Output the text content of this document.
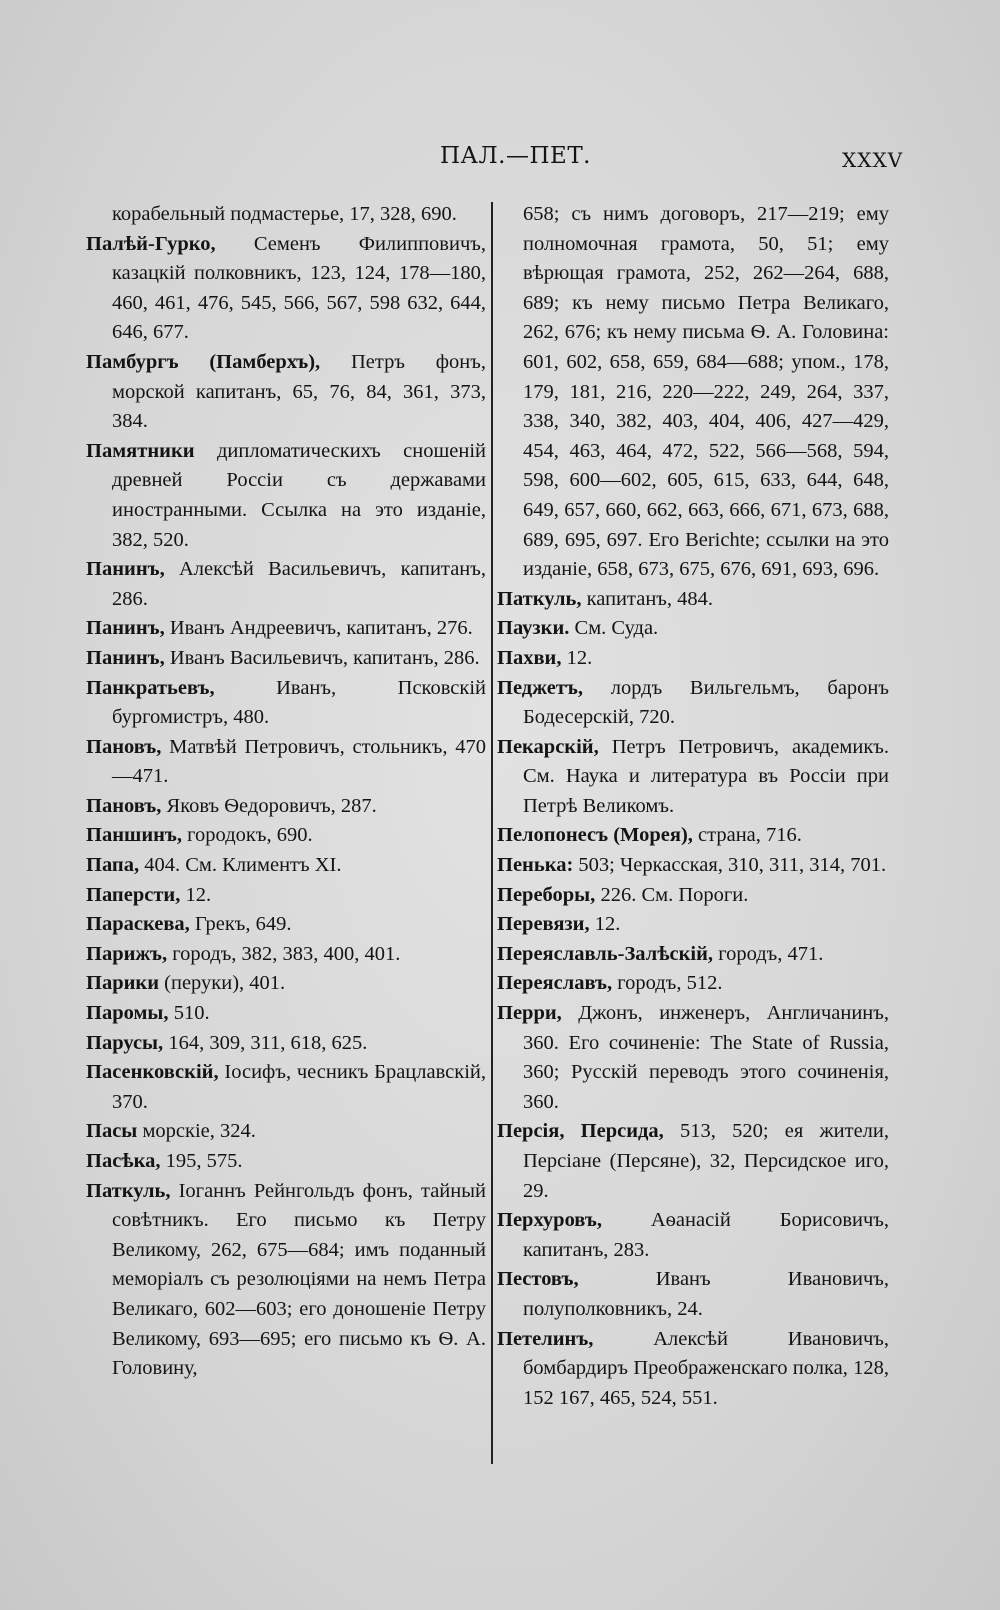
ПАЛ.—ПЕТ.	XXXV
корабельный подмастерье, 17, 328, 690.
Палѣй-Гурко, Семенъ Филипповичъ, казацкій полковникъ, 123, 124, 178—180, 460, 461, 476, 545, 566, 567, 598 632, 644, 646, 677.
Памбургъ (Памберхъ), Петръ фонъ, морской капитанъ, 65, 76, 84, 361, 373, 384.
Памятники дипломатическихъ сношеній древней Россіи съ державами иностранными. Ссылка на это изданіе, 382, 520.
Панинъ, Алексѣй Васильевичъ, капитанъ, 286.
Панинъ, Иванъ Андреевичъ, капитанъ, 276.
Панинъ, Иванъ Васильевичъ, капитанъ, 286.
Панкратьевъ, Иванъ, Псковскій бургомистръ, 480.
Пановъ, Матвѣй Петровичъ, стольникъ, 470—471.
Пановъ, Яковъ Ѳедоровичъ, 287.
Паншинъ, городокъ, 690.
Папа, 404. См. Климентъ XI.
Паперсти, 12.
Параскева, Грекъ, 649.
Парижъ, городъ, 382, 383, 400, 401.
Парики (перуки), 401.
Паромы, 510.
Парусы, 164, 309, 311, 618, 625.
Пасенковскій, Іосифъ, чесникъ Брацлавскій, 370.
Пасы морскіе, 324.
Пасѣка, 195, 575.
Паткуль, Іоганнъ Рейнгольдъ фонъ, тайный совѣтникъ. Его письмо къ Петру Великому, 262, 675—684; имъ поданный меморіалъ съ резолюціями на немъ Петра Великаго, 602—603; его доношеніе Петру Великому, 693—695; его письмо къ Ѳ. А. Головину,
658; съ нимъ договоръ, 217—219; ему полномочная грамота, 50, 51; ему вѣрющая грамота, 252, 262—264, 688, 689; къ нему письмо Петра Великаго, 262, 676; къ нему письма Ѳ. А. Головина: 601, 602, 658, 659, 684—688; упом., 178, 179, 181, 216, 220—222, 249, 264, 337, 338, 340, 382, 403, 404, 406, 427—429, 454, 463, 464, 472, 522, 566—568, 594, 598, 600—602, 605, 615, 633, 644, 648, 649, 657, 660, 662, 663, 666, 671, 673, 688, 689, 695, 697. Его Berichte; ссылки на это изданіе, 658, 673, 675, 676, 691, 693, 696.
Паткуль, капитанъ, 484.
Паузки. См. Суда.
Пахви, 12.
Педжетъ, лордъ Вильгельмъ, баронъ Бодесерскій, 720.
Пекарскій, Петръ Петровичъ, академикъ. См. Наука и литература въ Россіи при Петрѣ Великомъ.
Пелопонесъ (Морея), страна, 716.
Пенька: 503; Черкасская, 310, 311, 314, 701.
Переборы, 226. См. Пороги.
Перевязи, 12.
Переяславль-Залѣскій, городъ, 471.
Переяславъ, городъ, 512.
Перри, Джонъ, инженеръ, Англичанинъ, 360. Его сочиненіе: The State of Russia, 360; Русскій переводъ этого сочиненія, 360.
Персія, Персида, 513, 520; ея жители, Персіане (Персяне), 32, Персидское иго, 29.
Перхуровъ, Аѳанасій Борисовичъ, капитанъ, 283.
Пестовъ, Иванъ Ивановичъ, полуполковникъ, 24.
Петелинъ, Алексѣй Ивановичъ, бомбардиръ Преображенскаго полка, 128, 152 167, 465, 524, 551.
